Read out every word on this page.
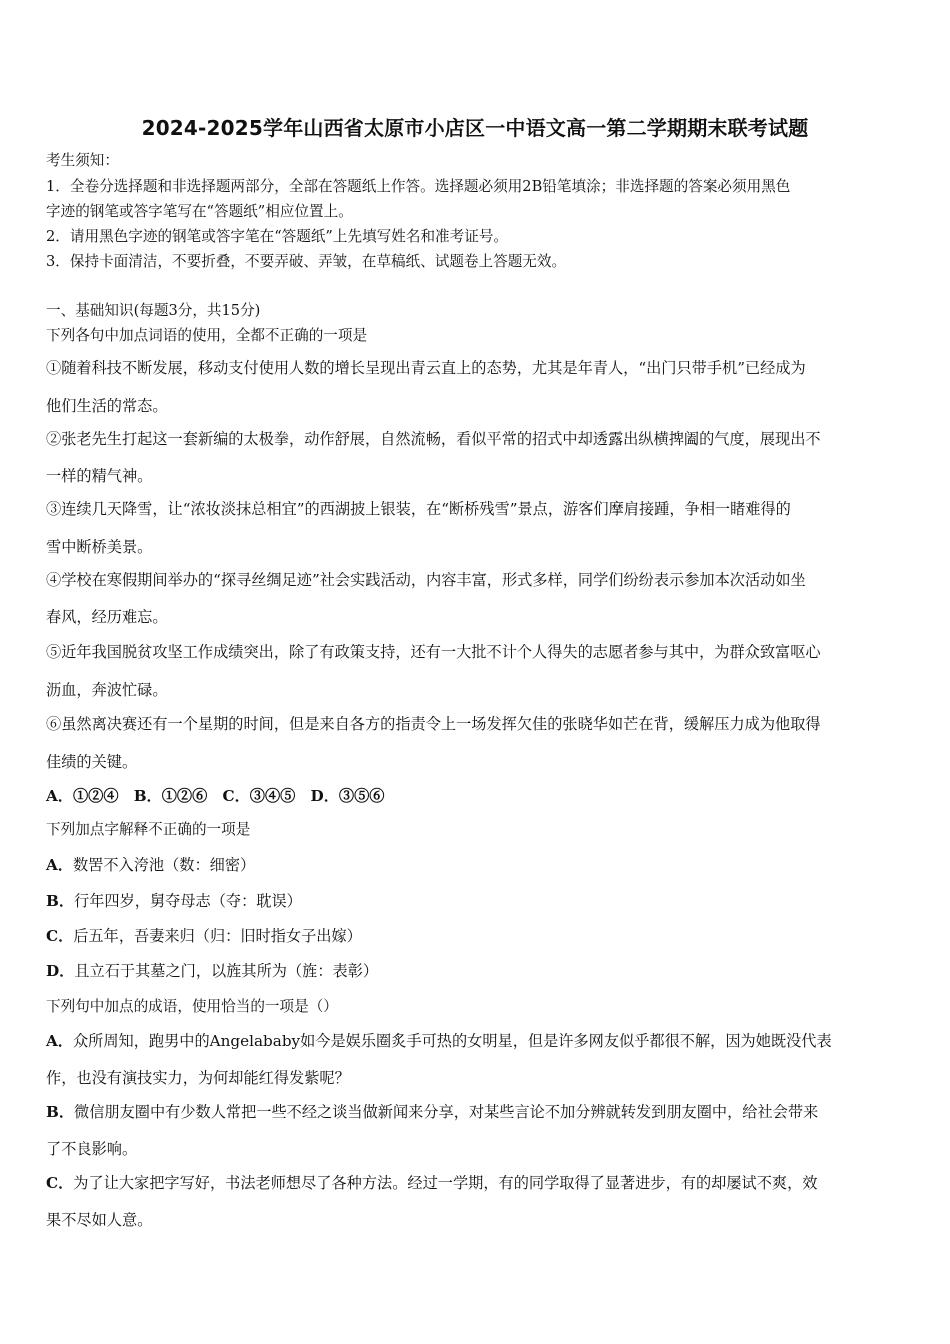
2024-2025学年山西省太原市小店区一中语文高一第二学期期末联考试题
考生须知：
1．全卷分选择题和非选择题两部分，全部在答题纸上作答。选择题必须用2B铅笔填涂；非选择题的答案必须用黑色
字迹的钢笔或答字笔写在“答题纸”相应位置上。
2．请用黑色字迹的钢笔或答字笔在“答题纸”上先填写姓名和准考证号。
3．保持卡面清洁，不要折叠，不要弄破、弄皱，在草稿纸、试题卷上答题无效。
一、基础知识(每题3分，共15分)
下列各句中加点词语的使用，全都不正确的一项是
①随着科技不断发展，移动支付使用人数的增长呈现出青云直上的态势，尤其是年青人，“出门只带手机”已经成为
他们生活的常态。
②张老先生打起这一套新编的太极拳，动作舒展，自然流畅，看似平常的招式中却透露出纵横捭阖的气度，展现出不
一样的精气神。
③连续几天降雪，让“浓妆淡抹总相宜”的西湖披上银装，在“断桥残雪”景点，游客们摩肩接踵，争相一睹难得的
雪中断桥美景。
④学校在寒假期间举办的“探寻丝绸足迹”社会实践活动，内容丰富，形式多样，同学们纷纷表示参加本次活动如坐
春风，经历难忘。
⑤近年我国脱贫攻坚工作成绩突出，除了有政策支持，还有一大批不计个人得失的志愿者参与其中，为群众致富呕心
沥血，奔波忙碌。
⑥虽然离决赛还有一个星期的时间，但是来自各方的指责令上一场发挥欠佳的张晓华如芒在背，缓解压力成为他取得
佳绩的关键。
A．①②④　B．①②⑥　C．③④⑤　D．③⑤⑥
下列加点字解释不正确的一项是
A．数罟不入洿池（数：细密）
B．行年四岁，舅夺母志（夺：耽误）
C．后五年，吾妻来归（归：旧时指女子出嫁）
D．且立石于其墓之门，以旌其所为（旌：表彰）
下列句中加点的成语，使用恰当的一项是（）
A．众所周知，跑男中的Angelababy如今是娱乐圈炙手可热的女明星，但是许多网友似乎都很不解，因为她既没代表
作，也没有演技实力，为何却能红得发紫呢？
B．微信朋友圈中有少数人常把一些不经之谈当做新闻来分享，对某些言论不加分辨就转发到朋友圈中，给社会带来
了不良影响。
C．为了让大家把字写好，书法老师想尽了各种方法。经过一学期，有的同学取得了显著进步，有的却屡试不爽，效
果不尽如人意。
